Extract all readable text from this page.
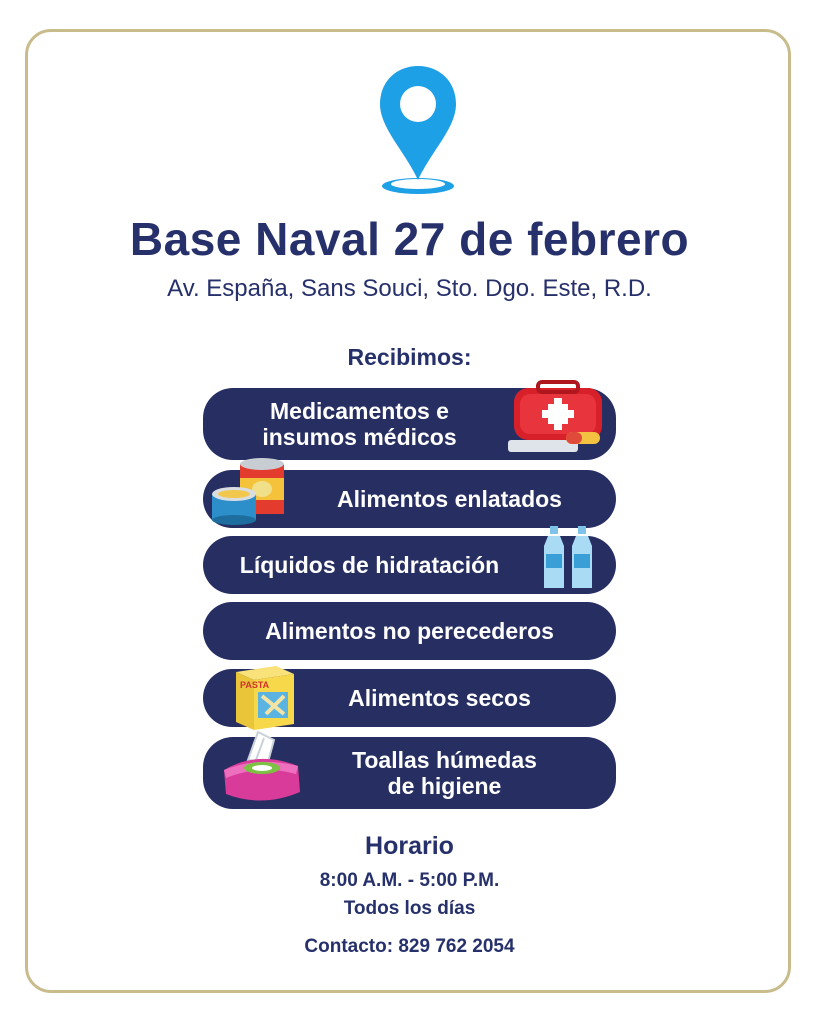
Base Naval 27 de febrero
Av. España, Sans Souci, Sto. Dgo. Este, R.D.
Recibimos:
Medicamentos e
insumos médicos
Alimentos enlatados
Líquidos de hidratación
Alimentos no perecederos
Alimentos secos
PASTA
Toallas húmedas
de higiene
Horario
8:00 A.M. - 5:00 P.M.
Todos los días
Contacto: 829 762 2054
